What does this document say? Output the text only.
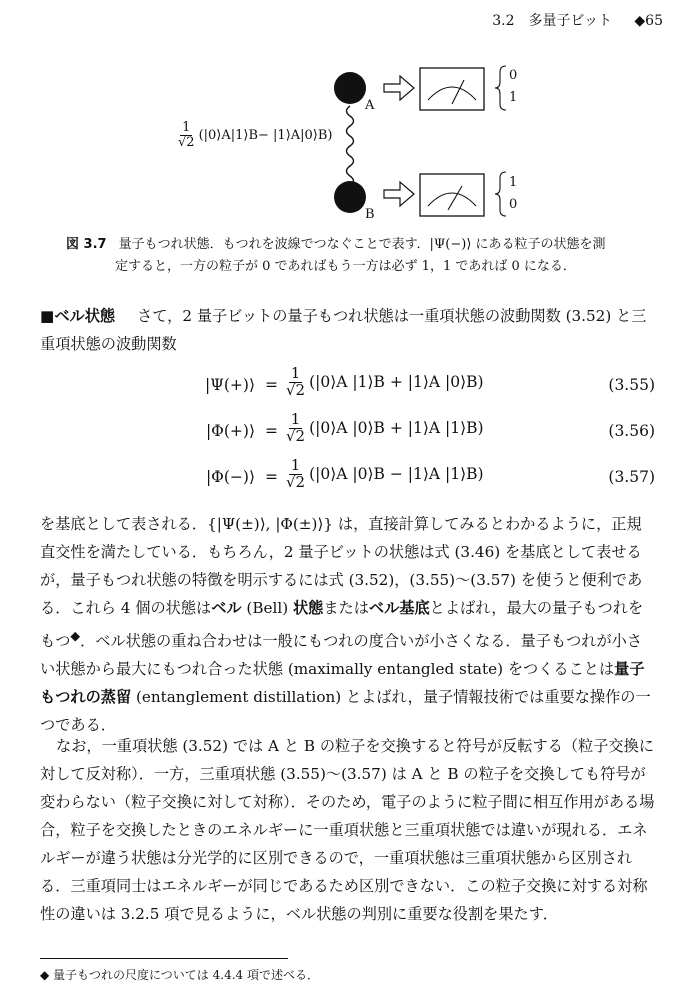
3.2　多量子ビット ◆65
A
B
0
1
1
0
$\frac{1}{√2}$ (|0⟩A|1⟩B− |1⟩A|0⟩B)
図 3.7 量子もつれ状態．もつれを波線でつなぐことで表す．|Ψ(−)⟩ にある粒子の状態を測
定すると，一方の粒子が 0 であればもう一方は必ず 1，1 であれば 0 になる．
■ベル状態 さて，2 量子ビットの量子もつれ状態は一重項状態の波動関数 (3.52) と三重項状態の波動関数
|Ψ(+)⟩ = $\frac{1}{√2}$ (|0⟩A |1⟩B + |1⟩A |0⟩B)	(3.55)
|Φ(+)⟩ = $\frac{1}{√2}$ (|0⟩A |0⟩B + |1⟩A |1⟩B)	(3.56)
|Φ(−)⟩ = $\frac{1}{√2}$ (|0⟩A |0⟩B − |1⟩A |1⟩B)	(3.57)
を基底として表される．{|Ψ(±)⟩, |Φ(±)⟩} は，直接計算してみるとわかるように，正規直交性を満たしている．もちろん，2 量子ビットの状態は式 (3.46) を基底として表せるが，量子もつれ状態の特徴を明示するには式 (3.52)，(3.55)〜(3.57) を使うと便利である．これら 4 個の状態はベル (Bell) 状態またはベル基底とよばれ，最大の量子もつれをもつ◆．ベル状態の重ね合わせは一般にもつれの度合いが小さくなる．量子もつれが小さい状態から最大にもつれ合った状態 (maximally entangled state) をつくることは量子もつれの蒸留 (entanglement distillation) とよばれ，量子情報技術では重要な操作の一つである．
なお，一重項状態 (3.52) では A と B の粒子を交換すると符号が反転する（粒子交換に対して反対称）．一方，三重項状態 (3.55)〜(3.57) は A と B の粒子を交換しても符号が変わらない（粒子交換に対して対称）．そのため，電子のように粒子間に相互作用がある場合，粒子を交換したときのエネルギーに一重項状態と三重項状態では違いが現れる．エネルギーが違う状態は分光学的に区別できるので，一重項状態は三重項状態から区別される．三重項同士はエネルギーが同じであるため区別できない．この粒子交換に対する対称性の違いは 3.2.5 項で見るように，ベル状態の判別に重要な役割を果たす．
◆ 量子もつれの尺度については 4.4.4 項で述べる．
